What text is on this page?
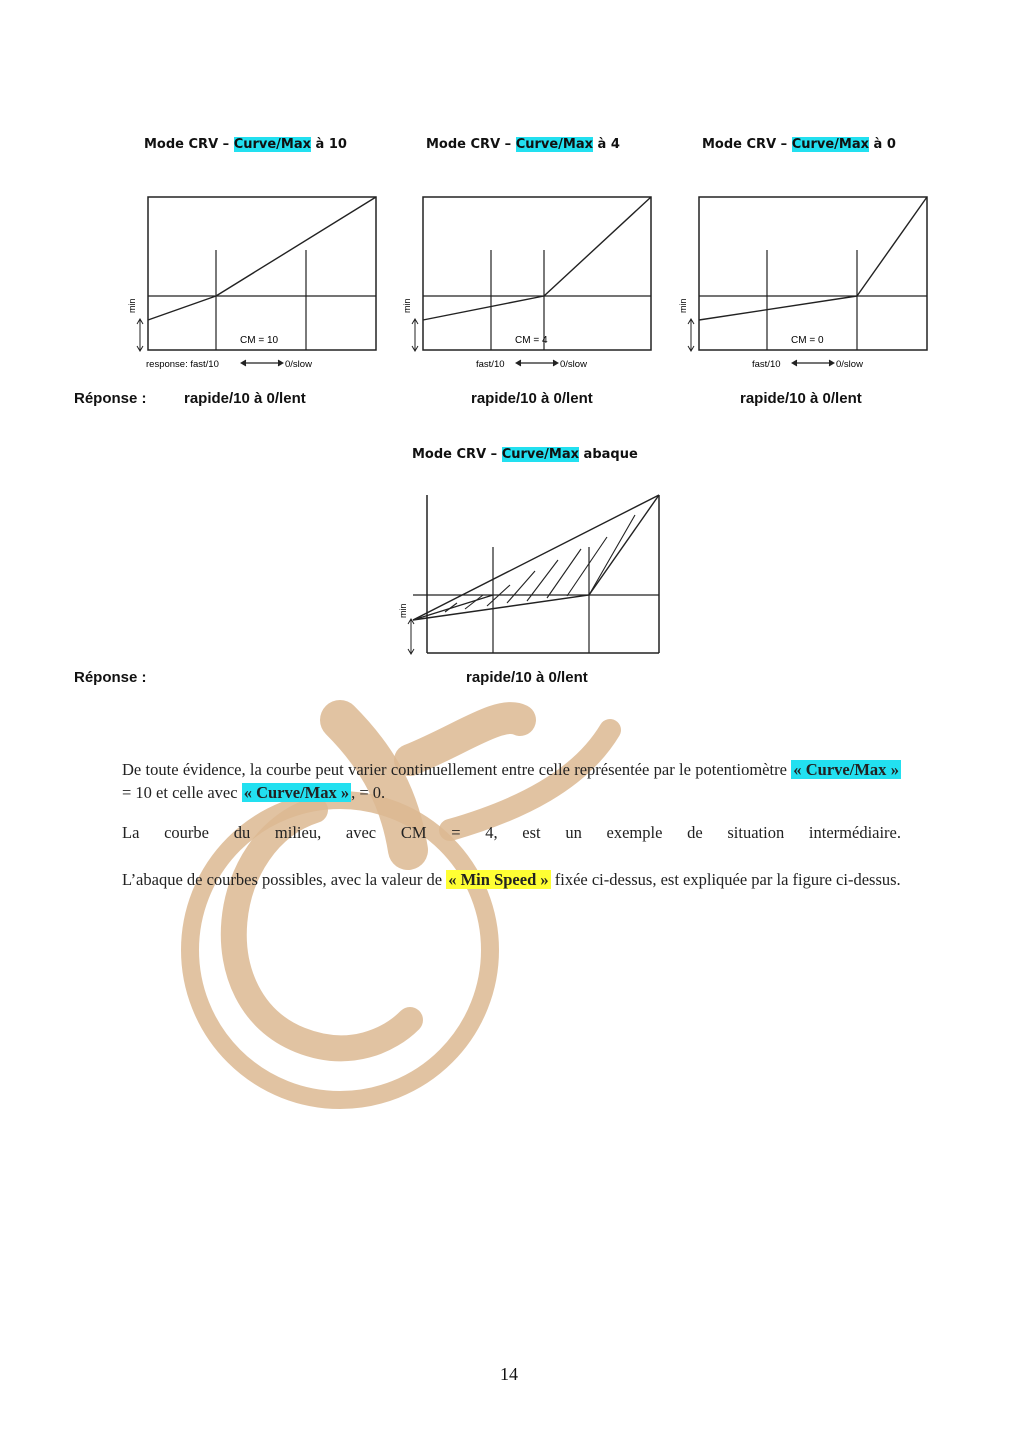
Mode CRV – Curve/Max à 10	Mode CRV – Curve/Max à 4	Mode CRV – Curve/Max à 0
min
CM = 10
response: fast/10	0/slow
min
CM = 4
fast/10	0/slow
min
CM = 0
fast/10	0/slow
Réponse : rapide/10 à 0/lent	rapide/10 à 0/lent	rapide/10 à 0/lent
Mode CRV – Curve/Max abaque
min
Réponse :	rapide/10 à 0/lent
De toute évidence, la courbe peut varier continuellement entre celle représentée par le potentiomètre « Curve/Max » = 10 et celle avec « Curve/Max » , = 0.
La courbe du milieu, avec CM = 4, est un exemple de situation intermédiaire.
L’abaque de courbes possibles, avec la valeur de « Min Speed » fixée ci-dessus, est expliquée par la figure ci-dessus.
14
